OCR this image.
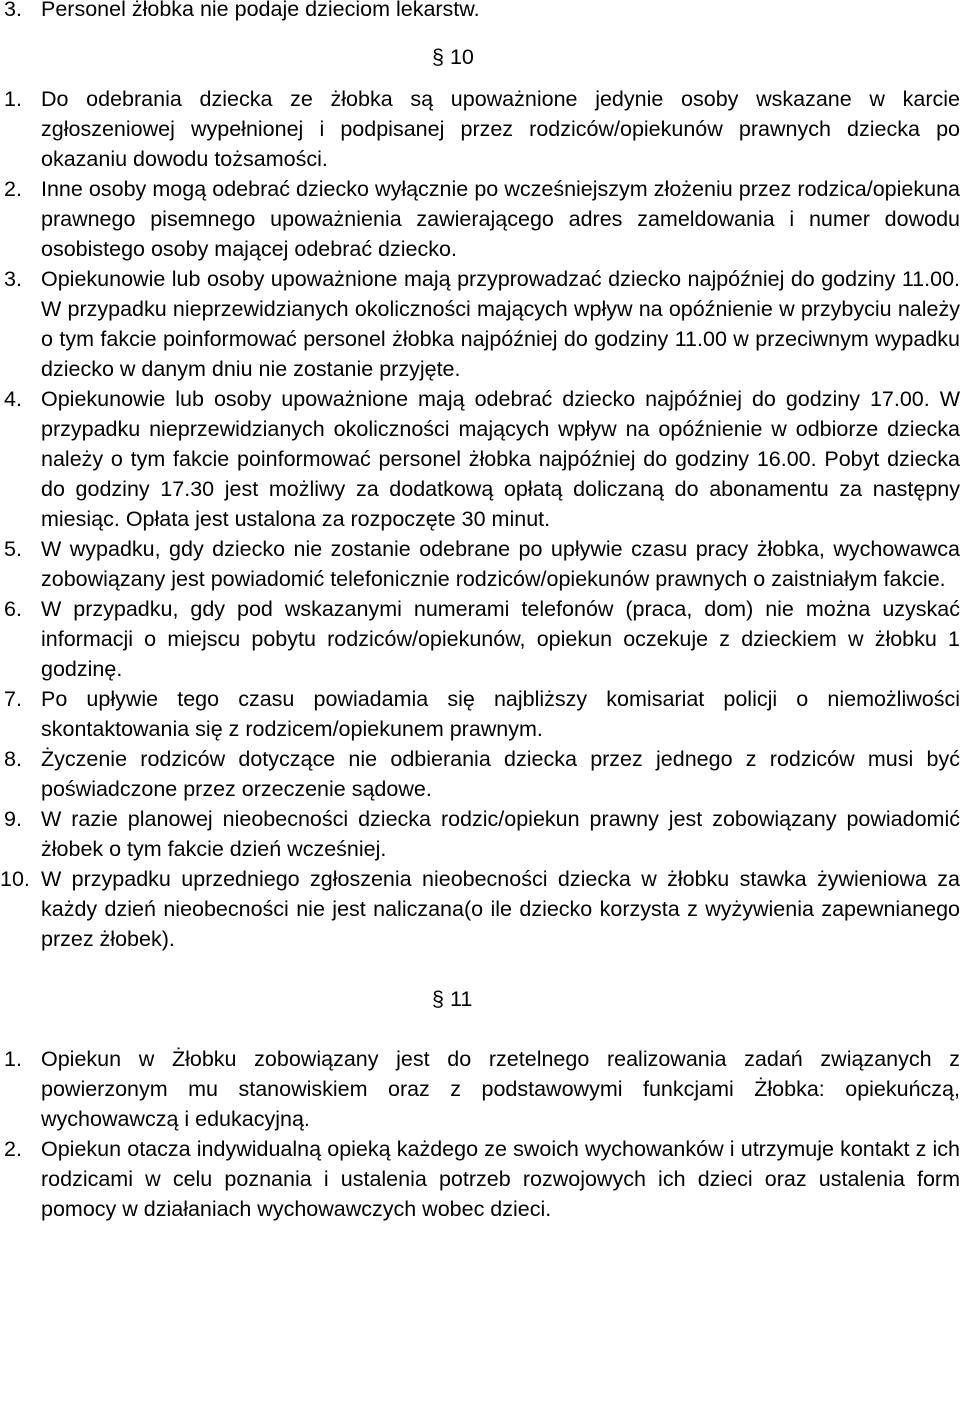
3. Personel żłobka nie podaje dzieciom lekarstw.
§ 10
1. Do odebrania dziecka ze żłobka są upoważnione jedynie osoby wskazane w karcie zgłoszeniowej wypełnionej i podpisanej przez rodziców/opiekunów prawnych dziecka po okazaniu dowodu tożsamości.
2. Inne osoby mogą odebrać dziecko wyłącznie po wcześniejszym złożeniu przez rodzica/opiekuna prawnego pisemnego upoważnienia zawierającego adres zameldowania i numer dowodu osobistego osoby mającej odebrać dziecko.
3. Opiekunowie lub osoby upoważnione mają przyprowadzać dziecko najpóźniej do godziny 11.00. W przypadku nieprzewidzianych okoliczności mających wpływ na opóźnienie w przybyciu należy o tym fakcie poinformować personel żłobka najpóźniej do godziny 11.00 w przeciwnym wypadku dziecko w danym dniu nie zostanie przyjęte.
4. Opiekunowie lub osoby upoważnione mają odebrać dziecko najpóźniej do godziny 17.00. W przypadku nieprzewidzianych okoliczności mających wpływ na opóźnienie w odbiorze dziecka należy o tym fakcie poinformować personel żłobka najpóźniej do godziny 16.00. Pobyt dziecka do godziny 17.30 jest możliwy za dodatkową opłatą doliczaną do abonamentu za następny miesiąc. Opłata jest ustalona za rozpoczęte 30 minut.
5. W wypadku, gdy dziecko nie zostanie odebrane po upływie czasu pracy żłobka, wychowawca zobowiązany jest powiadomić telefonicznie rodziców/opiekunów prawnych o zaistniałym fakcie.
6. W przypadku, gdy pod wskazanymi numerami telefonów (praca, dom) nie można uzyskać informacji o miejscu pobytu rodziców/opiekunów, opiekun oczekuje z dzieckiem w żłobku 1 godzinę.
7. Po upływie tego czasu powiadamia się najbliższy komisariat policji o niemożliwości skontaktowania się z rodzicem/opiekunem prawnym.
8. Życzenie rodziców dotyczące nie odbierania dziecka przez jednego z rodziców musi być poświadczone przez orzeczenie sądowe.
9. W razie planowej nieobecności dziecka rodzic/opiekun prawny jest zobowiązany powiadomić żłobek o tym fakcie dzień wcześniej.
10. W przypadku uprzedniego zgłoszenia nieobecności dziecka w żłobku stawka żywieniowa za każdy dzień nieobecności nie jest naliczana(o ile dziecko korzysta z wyżywienia zapewnianego przez żłobek).
§ 11
1. Opiekun w Żłobku zobowiązany jest do rzetelnego realizowania zadań związanych z powierzonym mu stanowiskiem oraz z podstawowymi funkcjami Żłobka: opiekuńczą, wychowawczą i edukacyjną.
2. Opiekun otacza indywidualną opieką każdego ze swoich wychowanków i utrzymuje kontakt z ich rodzicami w celu poznania i ustalenia potrzeb rozwojowych ich dzieci oraz ustalenia form pomocy w działaniach wychowawczych wobec dzieci.
